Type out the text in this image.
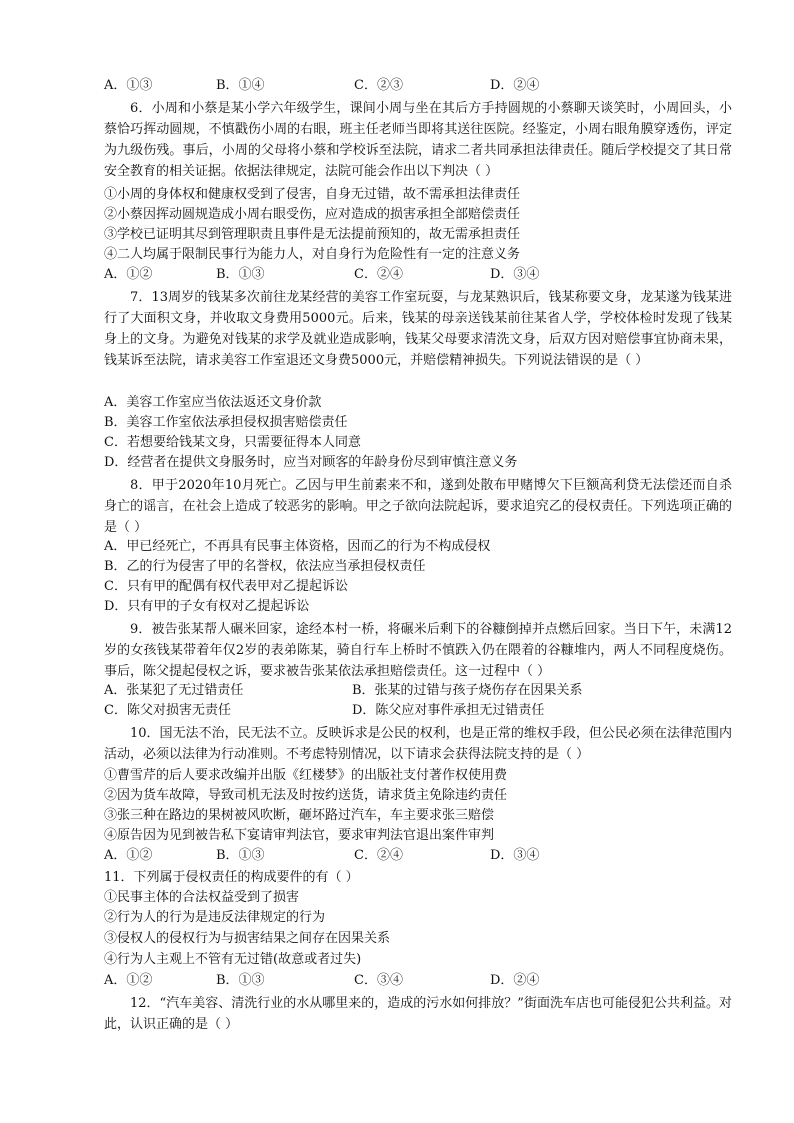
A．①③	B．①④	C．②③	D．②④
6．小周和小蔡是某小学六年级学生，课间小周与坐在其后方手持圆规的小蔡聊天谈笑时，小周回头，小蔡恰巧挥动圆规，不慎戳伤小周的右眼，班主任老师当即将其送往医院。经鉴定，小周右眼角膜穿透伤，评定为九级伤残。事后，小周的父母将小蔡和学校诉至法院，请求二者共同承担法律责任。随后学校提交了其日常安全教育的相关证据。依据法律规定，法院可能会作出以下判决（ ）
①小周的身体权和健康权受到了侵害，自身无过错，故不需承担法律责任
②小蔡因挥动圆规造成小周右眼受伤，应对造成的损害承担全部赔偿责任
③学校已证明其尽到管理职责且事件是无法提前预知的，故无需承担责任
④二人均属于限制民事行为能力人，对自身行为危险性有一定的注意义务
A．①②	B．①③	C．②④	D．③④
7．13周岁的钱某多次前往龙某经营的美容工作室玩耍，与龙某熟识后，钱某称要文身，龙某遂为钱某进行了大面积文身，并收取文身费用5000元。后来，钱某的母亲送钱某前往某省人学，学校体检时发现了钱某身上的文身。为避免对钱某的求学及就业造成影响，钱某父母要求清洗文身，后双方因对赔偿事宜协商未果，钱某诉至法院，请求美容工作室退还文身费5000元，并赔偿精神损失。下列说法错误的是（ ）
A．美容工作室应当依法返还文身价款
B．美容工作室依法承担侵权损害赔偿责任
C．若想要给钱某文身，只需要征得本人同意
D．经营者在提供文身服务时，应当对顾客的年龄身份尽到审慎注意义务
8．甲于2020年10月死亡。乙因与甲生前素来不和，遂到处散布甲赌博欠下巨额高利贷无法偿还而自杀身亡的谣言，在社会上造成了较恶劣的影响。甲之子欲向法院起诉，要求追究乙的侵权责任。下列选项正确的是（ ）
A．甲已经死亡，不再具有民事主体资格，因而乙的行为不构成侵权
B．乙的行为侵害了甲的名誉权，依法应当承担侵权责任
C．只有甲的配偶有权代表甲对乙提起诉讼
D．只有甲的子女有权对乙提起诉讼
9．被告张某帮人碾米回家，途经本村一桥，将碾米后剩下的谷糠倒掉并点燃后回家。当日下午，未满12岁的女孩钱某带着年仅2岁的表弟陈某，骑自行车上桥时不慎跌入仍在隈着的谷糠堆内，两人不同程度烧伤。事后，陈父提起侵权之诉，要求被告张某依法承担赔偿责任。这一过程中（ ）
A．张某犯了无过错责任	B．张某的过错与孩子烧伤存在因果关系
C．陈父对损害无责任	D．陈父应对事件承担无过错责任
10．国无法不治，民无法不立。反映诉求是公民的权利，也是正常的维权手段，但公民必须在法律范围内活动，必须以法律为行动准则。不考虑特别情况，以下请求会获得法院支持的是（ ）
①曹雪芹的后人要求改编并出版《红楼梦》的出版社支付著作权使用费
②因为货车故障，导致司机无法及时按约送货，请求货主免除违约责任
③张三种在路边的果树被风吹断，砸坏路过汽车，车主要求张三赔偿
④原告因为见到被告私下宴请审判法官，要求审判法官退出案件审判
A．①②	B．①③	C．②④	D．③④
11．下列属于侵权责任的构成要件的有（ ）
①民事主体的合法权益受到了损害
②行为人的行为是违反法律规定的行为
③侵权人的侵权行为与损害结果之间存在因果关系
④行为人主观上不管有无过错(故意或者过失)
A．①②	B．①③	C．③④	D．②④
12．“汽车美容、清洗行业的水从哪里来的，造成的污水如何排放？”街面洗车店也可能侵犯公共利益。对此，认识正确的是（ ）
